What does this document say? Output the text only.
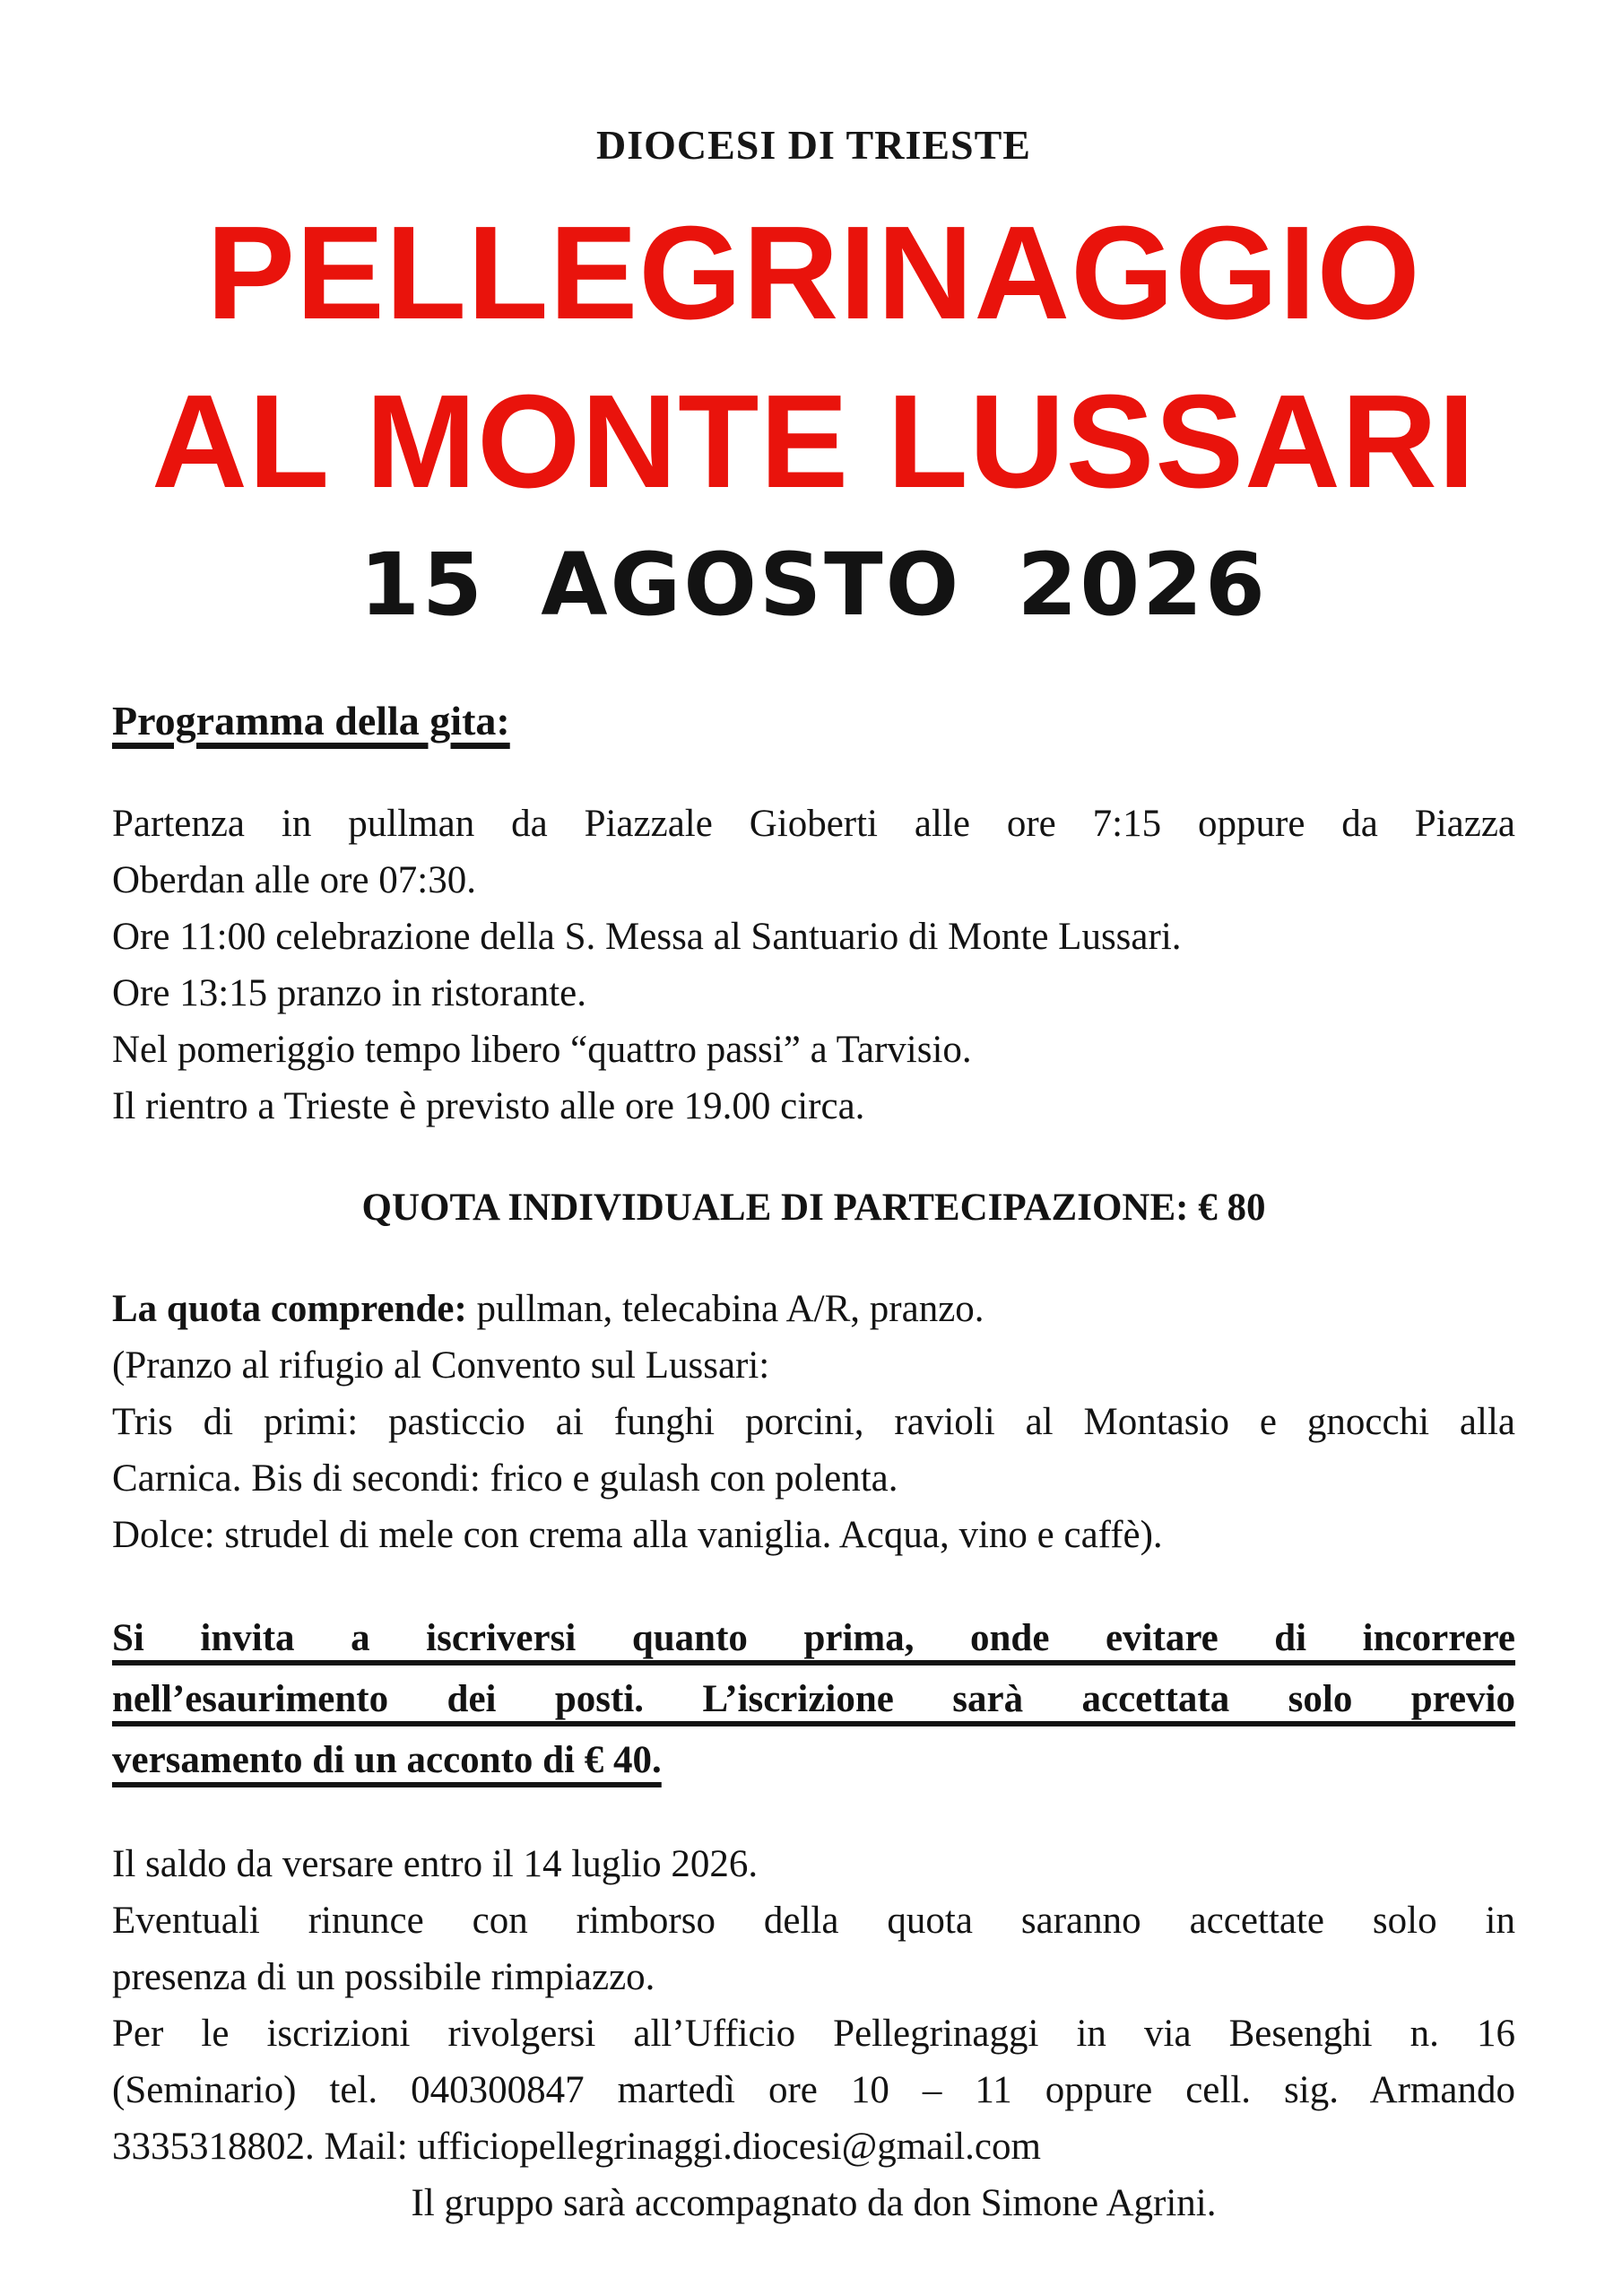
DIOCESI DI TRIESTE
PELLEGRINAGGIO
AL MONTE LUSSARI
15 AGOSTO 2026
Programma della gita:
Partenza in pullman da Piazzale Gioberti alle ore 7:15 oppure da Piazza
Oberdan alle ore 07:30.
Ore 11:00 celebrazione della S. Messa al Santuario di Monte Lussari.
Ore 13:15 pranzo in ristorante.
Nel pomeriggio tempo libero “quattro passi” a Tarvisio.
Il rientro a Trieste è previsto alle ore 19.00 circa.
QUOTA INDIVIDUALE DI PARTECIPAZIONE: € 80
La quota comprende: pullman, telecabina A/R, pranzo.
(Pranzo al rifugio al Convento sul Lussari:
Tris di primi: pasticcio ai funghi porcini, ravioli al Montasio e gnocchi alla
Carnica. Bis di secondi: frico e gulash con polenta.
Dolce: strudel di mele con crema alla vaniglia. Acqua, vino e caffè).
Si invita a iscriversi quanto prima, onde evitare di incorrere
nell’esaurimento dei posti. L’iscrizione sarà accettata solo previo
versamento di un acconto di € 40.
Il saldo da versare entro il 14 luglio 2026.
Eventuali rinunce con rimborso della quota saranno accettate solo in
presenza di un possibile rimpiazzo.
Per le iscrizioni rivolgersi all’Ufficio Pellegrinaggi in via Besenghi n. 16
(Seminario) tel. 040300847 martedì ore 10 – 11 oppure cell. sig. Armando
3335318802. Mail: ufficiopellegrinaggi.diocesi@gmail.com
Il gruppo sarà accompagnato da don Simone Agrini.
